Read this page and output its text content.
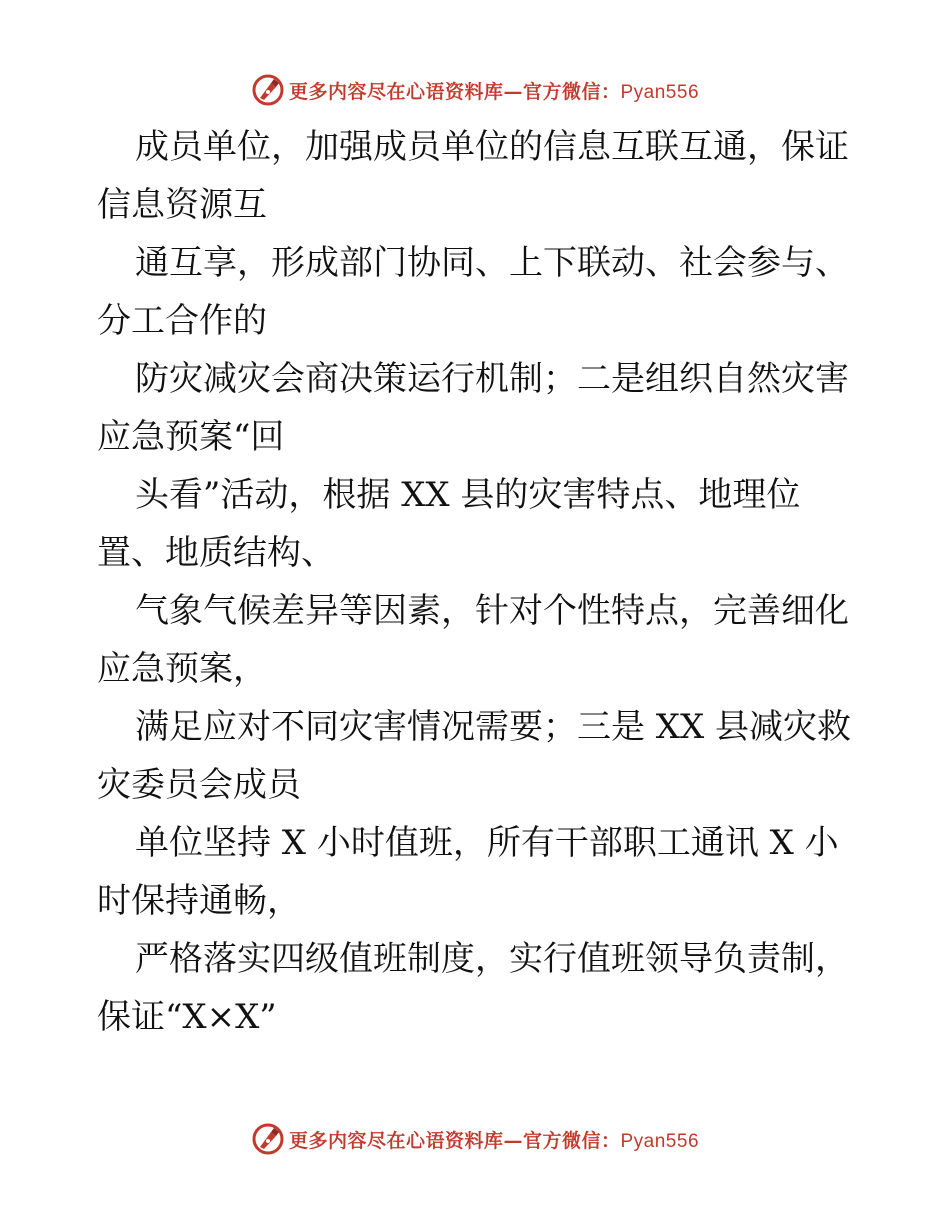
更多内容尽在心语资料库—官方微信：Pyan556

成员单位，加强成员单位的信息互联互通，保证

信息资源互

通互享，形成部门协同、上下联动、社会参与、

分工合作的

防灾减灾会商决策运行机制；二是组织自然灾害

应急预案“回

头看”活动，根据 XX 县的灾害特点、地理位

置、地质结构、

气象气候差异等因素，针对个性特点，完善细化

应急预案，

满足应对不同灾害情况需要；三是 XX 县减灾救

灾委员会成员

单位坚持 X 小时值班，所有干部职工通讯 X 小

时保持通畅，

严格落实四级值班制度，实行值班领导负责制，

保证“X×X”

更多内容尽在心语资料库—官方微信：Pyan556
